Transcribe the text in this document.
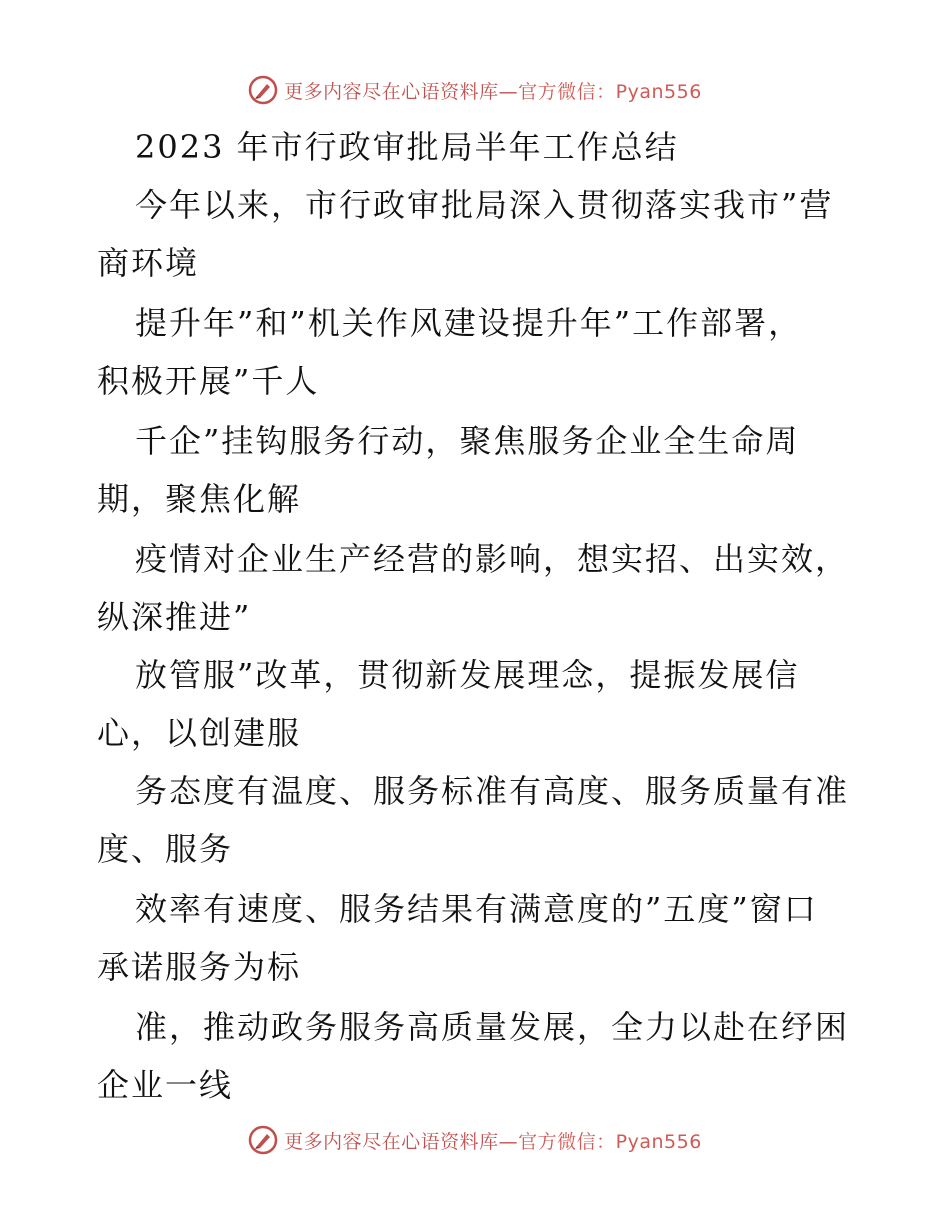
更多内容尽在心语资料库—官方微信：Pyan556
2023 年市行政审批局半年工作总结
今年以来，市行政审批局深入贯彻落实我市”营
商环境
提升年”和”机关作风建设提升年”工作部署，
积极开展”千人
千企”挂钩服务行动，聚焦服务企业全生命周
期，聚焦化解
疫情对企业生产经营的影响，想实招、出实效，
纵深推进”
放管服”改革，贯彻新发展理念，提振发展信
心，以创建服
务态度有温度、服务标准有高度、服务质量有准
度、服务
效率有速度、服务结果有满意度的”五度”窗口
承诺服务为标
准，推动政务服务高质量发展，全力以赴在纾困
企业一线
更多内容尽在心语资料库—官方微信：Pyan556
